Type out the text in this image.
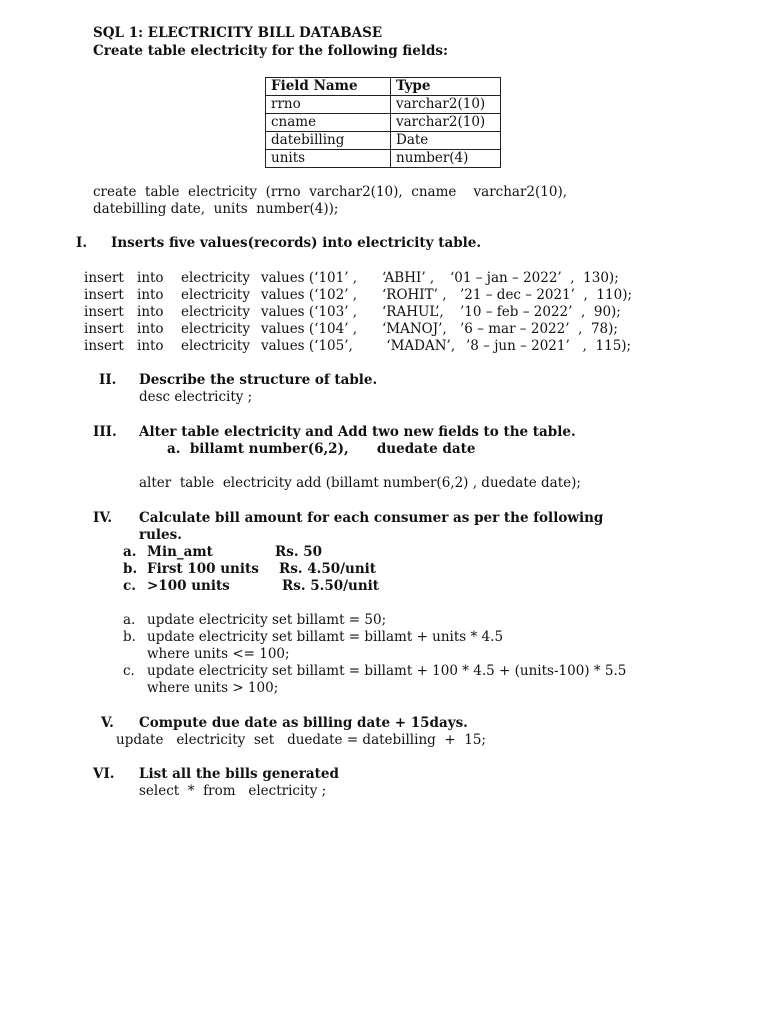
SQL 1: ELECTRICITY BILL DATABASE
Create table electricity for the following fields:
Field Name	Type
rrno	varchar2(10)
cname	varchar2(10)
datebilling	Date
units	number(4)
create  table  electricity  (rrno  varchar2(10),  cname    varchar2(10),
datebilling date,  units  number(4));
I. Inserts five values(records) into electricity table.

insert

into

electricity

values (‘101’ ,

‘ABHI’ ,

‘01 – jan – 2022’  ,  130);

insert

into

electricity

values (‘102’ ,

‘ROHIT’ ,

’21 – dec – 2021’  ,  110);

insert

into

electricity

values (‘103’ ,

‘RAHUL’,

’10 – feb – 2022’  ,  90);

insert

into

electricity

values (‘104’ ,

‘MANOJ’,

’6 – mar – 2022’  ,  78);

insert

into

electricity

values (‘105’,

‘MADAN’,

’8 – jun – 2021’   ,  115);

II. Describe the structure of table.
desc electricity ;
III. Alter table electricity and Add two new fields to the table.
a.  billamt number(6,2),      duedate date
alter  table  electricity add (billamt number(6,2) , duedate date);
IV. Calculate bill amount for each consumer as per the following
rules.
a. Min_amt	Rs. 50
b. First 100 units Rs. 4.50/unit
c. >100 units	Rs. 5.50/unit
a. update electricity set billamt = 50;
b. update electricity set billamt = billamt + units * 4.5
where units <= 100;
c. update electricity set billamt = billamt + 100 * 4.5 + (units-100) * 5.5
where units > 100;
V. Compute due date as billing date + 15days.
update   electricity  set   duedate = datebilling  +  15;
VI. List all the bills generated
select  *  from   electricity ;
